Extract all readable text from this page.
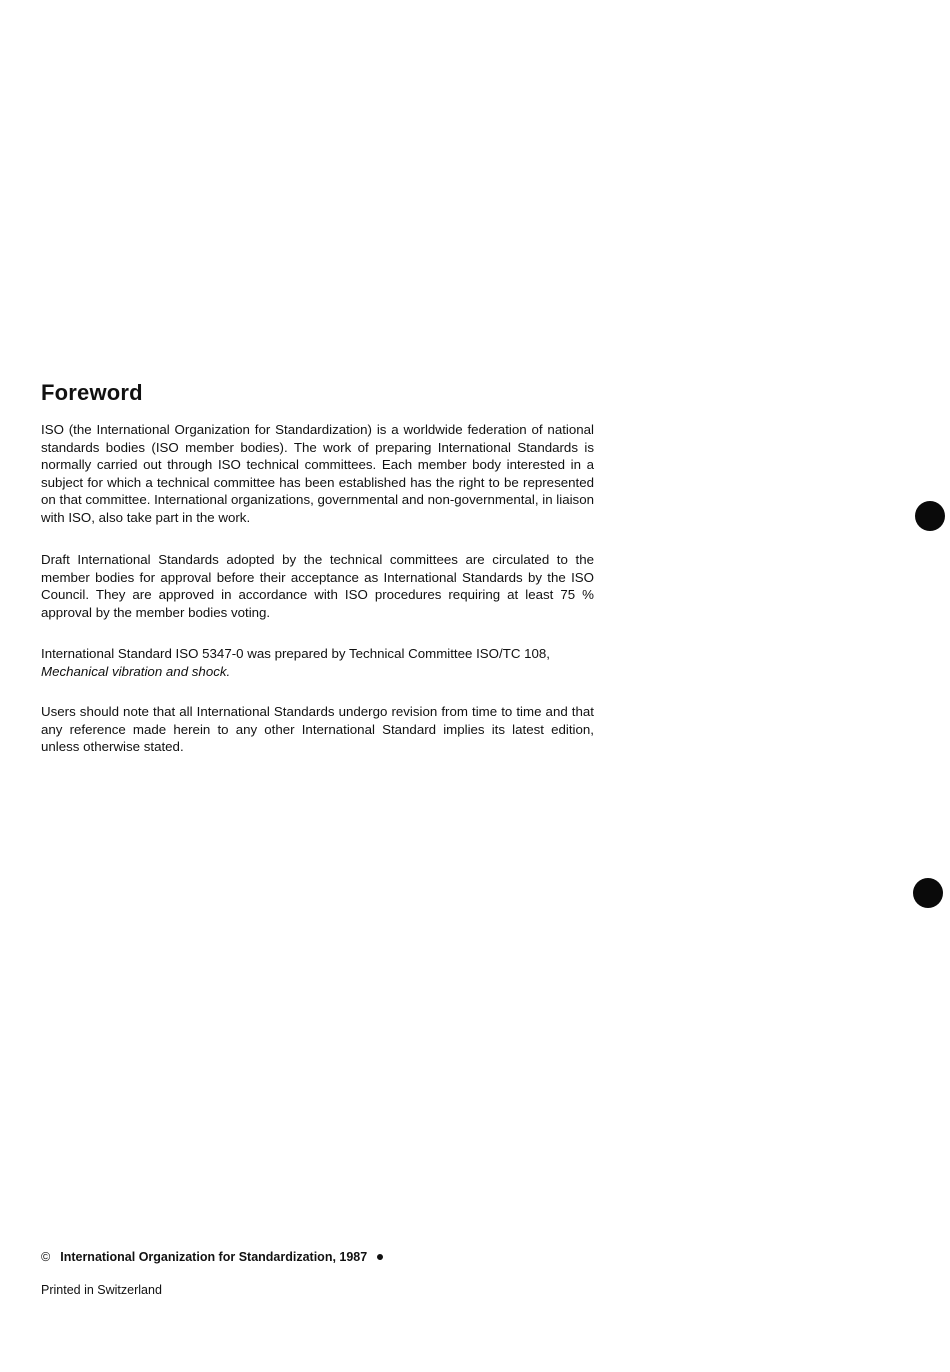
Foreword

ISO (the International Organization for Standardization) is a worldwide federation of national standards bodies (ISO member bodies). The work of preparing International Standards is normally carried out through ISO technical committees. Each member body interested in a subject for which a technical committee has been established has the right to be represented on that committee. International organizations, governmental and non-governmental, in liaison with ISO, also take part in the work.

Draft International Standards adopted by the technical committees are circulated to the member bodies for approval before their acceptance as International Standards by the ISO Council. They are approved in accordance with ISO procedures requiring at least 75 % approval by the member bodies voting.

International Standard ISO 5347-0 was prepared by Technical Committee ISO/TC 108,
Mechanical vibration and shock.

Users should note that all International Standards undergo revision from time to time and that any reference made herein to any other International Standard implies its latest edition, unless otherwise stated.

© International Organization for Standardization, 1987
Printed in Switzerland
